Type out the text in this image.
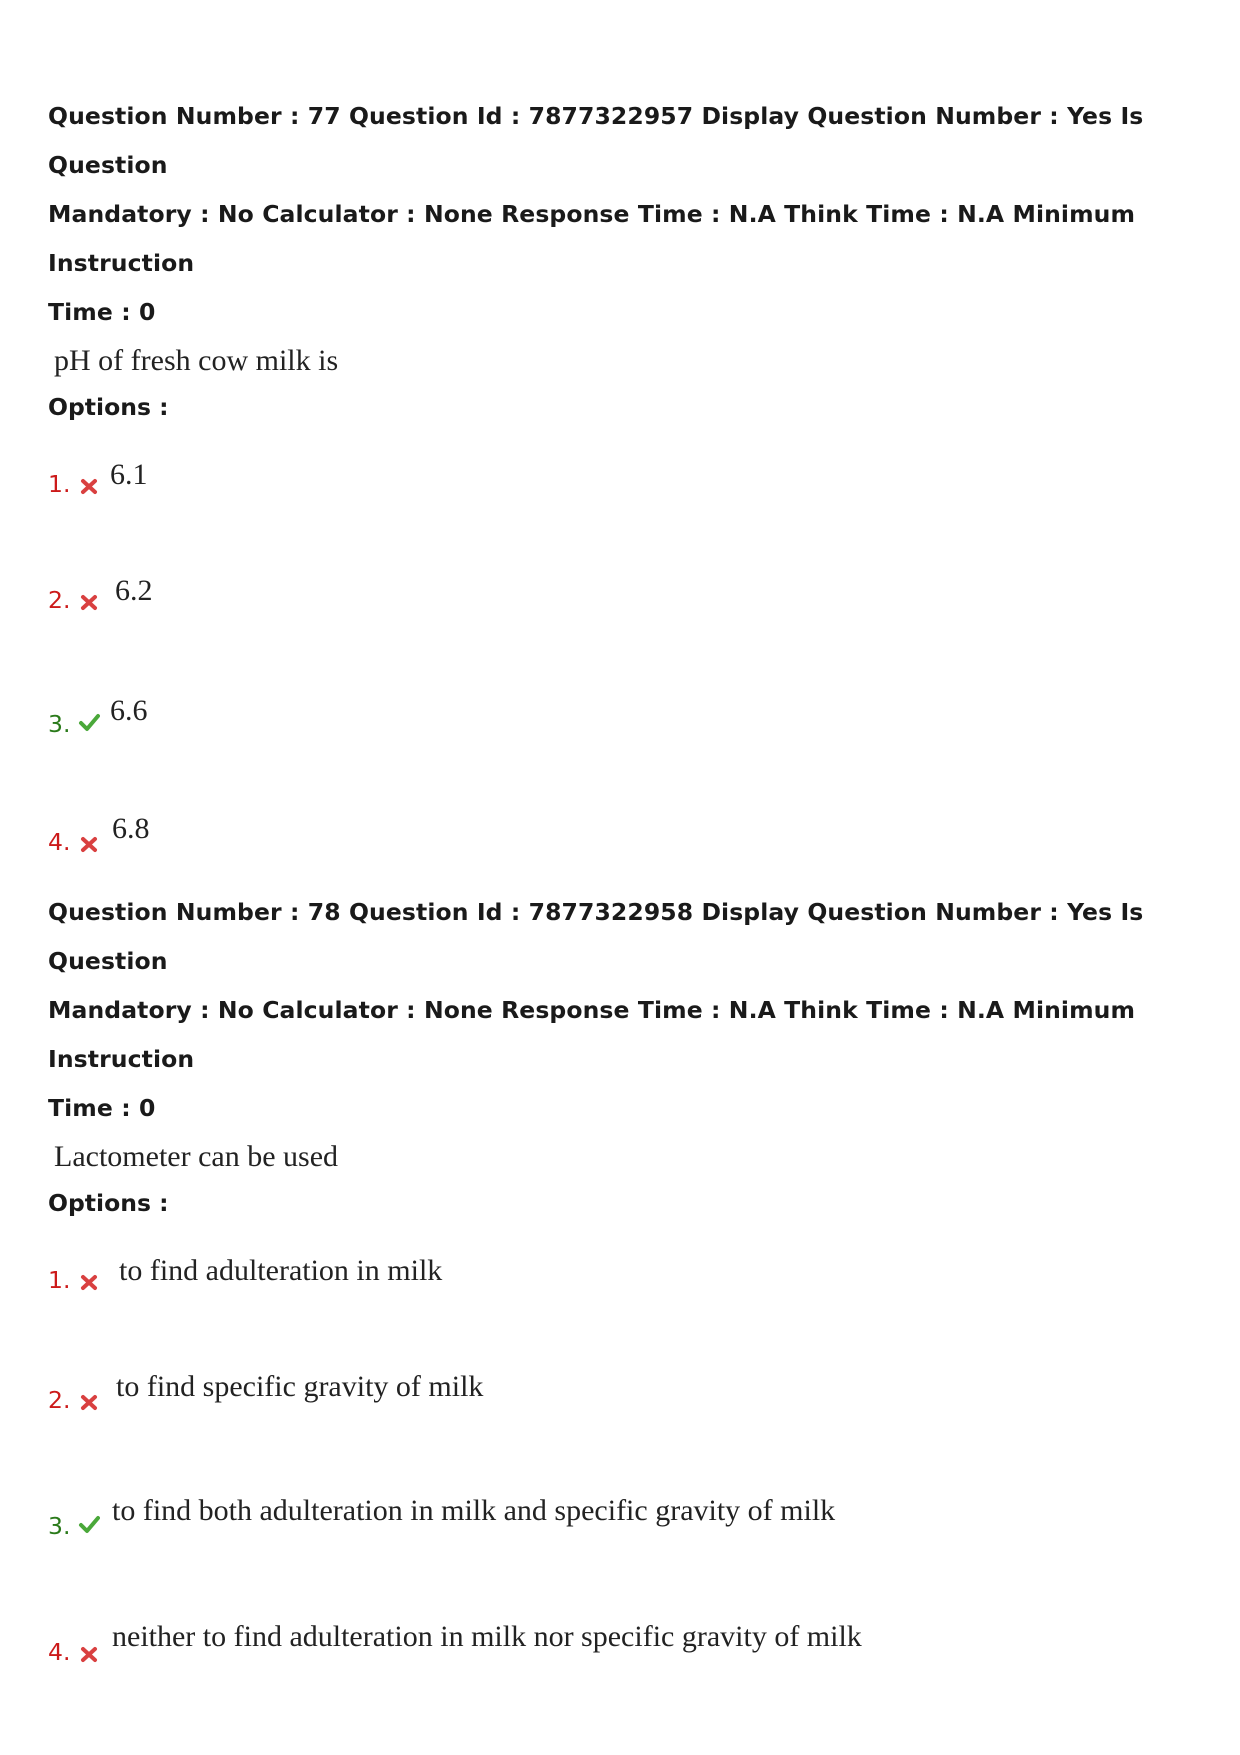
Question Number : 77 Question Id : 7877322957 Display Question Number : Yes Is Question

Mandatory : No Calculator : None Response Time : N.A Think Time : N.A Minimum Instruction

Time : 0

pH of fresh cow milk is

Options :

1. 6.1
2. 6.2
3. 6.6
4. 6.8

Question Number : 78 Question Id : 7877322958 Display Question Number : Yes Is Question

Mandatory : No Calculator : None Response Time : N.A Think Time : N.A Minimum Instruction

Time : 0

Lactometer can be used

Options :

1. to find adulteration in milk
2. to find specific gravity of milk
3. to find both adulteration in milk and specific gravity of milk
4. neither to find adulteration in milk nor specific gravity of milk
